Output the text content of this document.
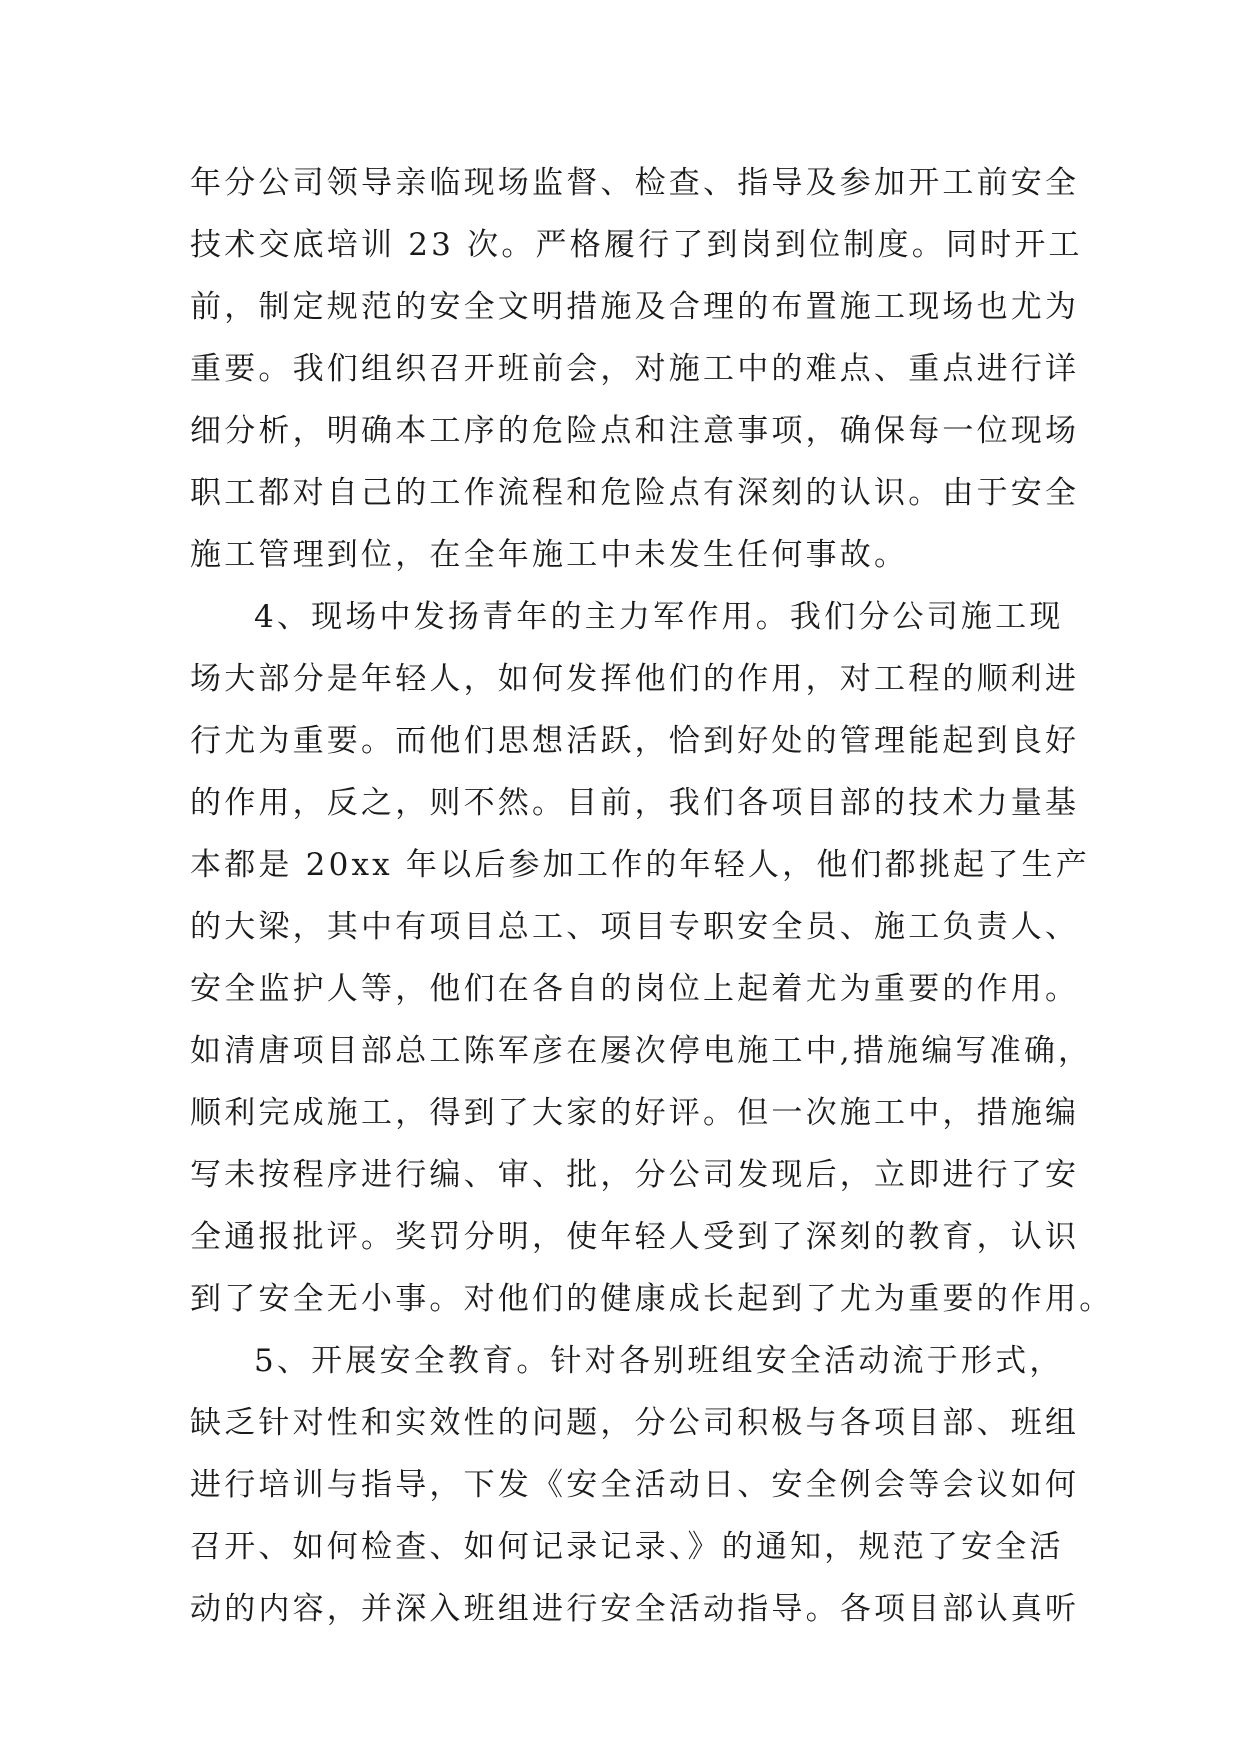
年分公司领导亲临现场监督、检查、指导及参加开工前安全
技术交底培训 23 次。严格履行了到岗到位制度。同时开工
前，制定规范的安全文明措施及合理的布置施工现场也尤为
重要。我们组织召开班前会，对施工中的难点、重点进行详
细分析，明确本工序的危险点和注意事项，确保每一位现场
职工都对自己的工作流程和危险点有深刻的认识。由于安全
施工管理到位，在全年施工中未发生任何事故。
4、现场中发扬青年的主力军作用。我们分公司施工现
场大部分是年轻人，如何发挥他们的作用，对工程的顺利进
行尤为重要。而他们思想活跃，恰到好处的管理能起到良好
的作用，反之，则不然。目前，我们各项目部的技术力量基
本都是 20xx 年以后参加工作的年轻人，他们都挑起了生产
的大梁，其中有项目总工、项目专职安全员、施工负责人、
安全监护人等，他们在各自的岗位上起着尤为重要的作用。
如清唐项目部总工陈军彦在屡次停电施工中,措施编写准确，
顺利完成施工，得到了大家的好评。但一次施工中，措施编
写未按程序进行编、审、批，分公司发现后，立即进行了安
全通报批评。奖罚分明，使年轻人受到了深刻的教育，认识
到了安全无小事。对他们的健康成长起到了尤为重要的作用。
5、开展安全教育。针对各别班组安全活动流于形式，
缺乏针对性和实效性的问题，分公司积极与各项目部、班组
进行培训与指导，下发《安全活动日、安全例会等会议如何
召开、如何检查、如何记录记录、》的通知，规范了安全活
动的内容，并深入班组进行安全活动指导。各项目部认真听
